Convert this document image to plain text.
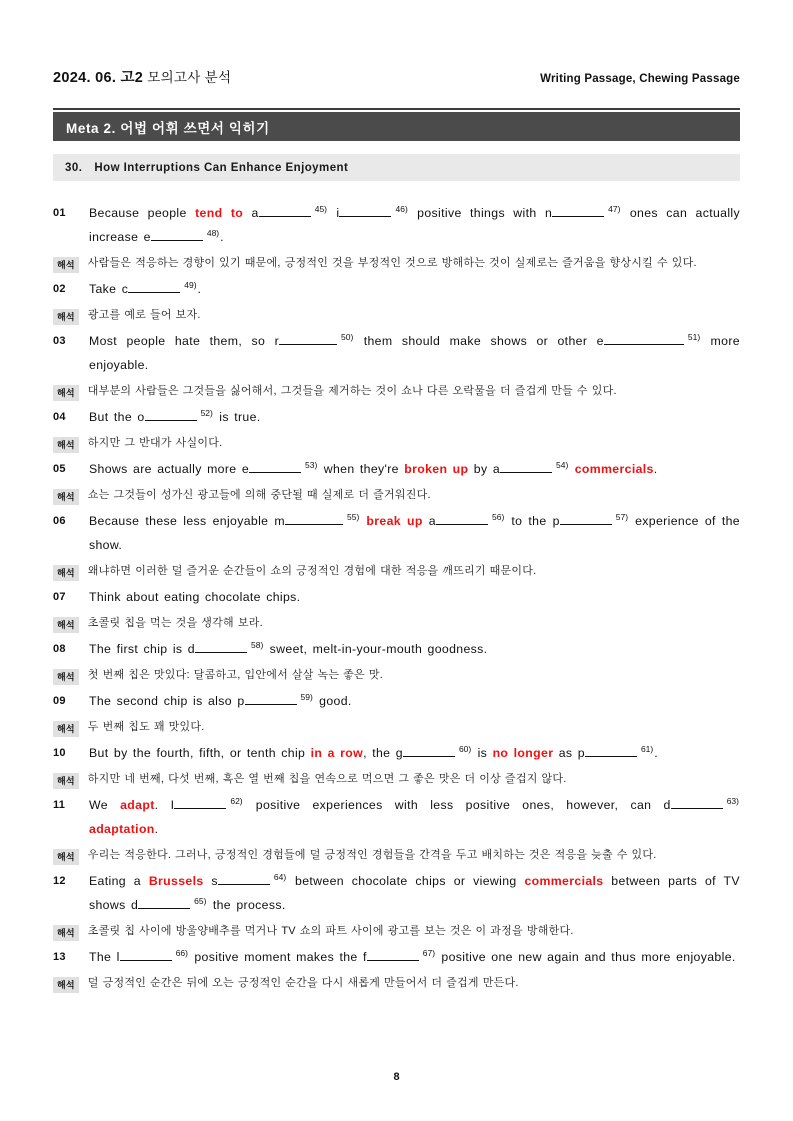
2024. 06. 고2 모의고사 분석	Writing Passage, Chewing Passage
Meta 2. 어법 어휘 쓰면서 익히기
30. How Interruptions Can Enhance Enjoyment
01	Because people tend to a	$^{45)}$ i	$^{46)}$ positive things with n	$^{47)}$ ones can actually increase e	$^{48)}$.
해석	사람들은 적응하는 경향이 있기 때문에, 긍정적인 것을 부정적인 것으로 방해하는 것이 실제로는 즐거움을 향상시킬 수 있다.
02	Take c	$^{49)}$.
해석	광고를 예로 들어 보자.
03	Most people hate them, so r	$^{50)}$ them should make shows or other e	$^{51)}$ more enjoyable.
해석	대부분의 사람들은 그것들을 싫어해서, 그것들을 제거하는 것이 쇼나 다른 오락물을 더 즐겁게 만들 수 있다.
04	But the o	$^{52)}$ is true.
해석	하지만 그 반대가 사실이다.
05	Shows are actually more e	$^{53)}$ when they're broken up by a	$^{54)}$ commercials.
해석	쇼는 그것들이 성가신 광고들에 의해 중단될 때 실제로 더 즐거워진다.
06	Because these less enjoyable m	$^{55)}$ break up a	$^{56)}$ to the p	$^{57)}$ experience of the show.
해석	왜냐하면 이러한 덜 즐거운 순간들이 쇼의 긍정적인 경험에 대한 적응을 깨뜨리기 때문이다.
07	Think about eating chocolate chips.
해석	초콜릿 칩을 먹는 것을 생각해 보라.
08	The first chip is d	$^{58)}$ sweet, melt-in-your-mouth goodness.
해석	첫 번째 칩은 맛있다: 달콤하고, 입안에서 살살 녹는 좋은 맛.
09	The second chip is also p	$^{59)}$ good.
해석	두 번째 칩도 꽤 맛있다.
10	But by the fourth, fifth, or tenth chip in a row, the g	$^{60)}$ is no longer as p	$^{61)}$.
해석	하지만 네 번째, 다섯 번째, 혹은 열 번째 칩을 연속으로 먹으면 그 좋은 맛은 더 이상 즐겁지 않다.
11	We adapt. I	$^{62)}$ positive experiences with less positive ones, however, can d	$^{63)}$ adaptation.
해석	우리는 적응한다. 그러나, 긍정적인 경험들에 덜 긍정적인 경험들을 간격을 두고 배치하는 것은 적응을 늦출 수 있다.
12	Eating a Brussels s	$^{64)}$ between chocolate chips or viewing commercials between parts of TV shows d	$^{65)}$ the process.
해석	초콜릿 칩 사이에 방울양배추를 먹거나 TV 쇼의 파트 사이에 광고를 보는 것은 이 과정을 방해한다.
13	The l	$^{66)}$ positive moment makes the f	$^{67)}$ positive one new again and thus more enjoyable.
해석	덜 긍정적인 순간은 뒤에 오는 긍정적인 순간을 다시 새롭게 만들어서 더 즐겁게 만든다.
8
